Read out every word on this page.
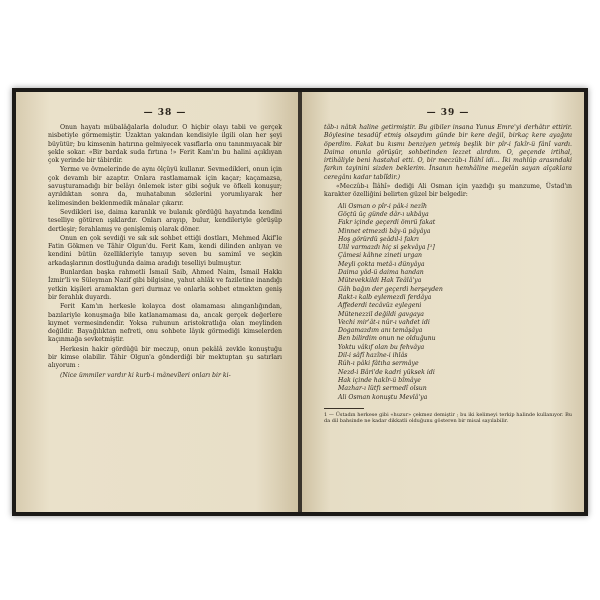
— 38 —

Onun hayatı mübalâğalarla doludur. O hiçbir olayı tabii ve gerçek nisbetiyle görmemiştir. Uzaktan yakından kendisiyle ilgili olan her şeyi büyütür; bu kimsenin hatırına gelmiyecek vasıflarla onu tanınmıyacak bir şekle sokar. «Bir bardak suda fırtına !» Ferit Kam'ın bu halini açıklıyan çok yerinde bir tâbirdir.

Yerme ve övmelerinde de aynı ölçüyü kullanır. Sevmedikleri, onun için çok devamlı bir azaptır. Onlara rastlamamak için kaçar; kaçamazsa, savuşturamadığı bir belâyı önlemek ister gibi soğuk ve öfkeli konuşur; ayrıldıktan sonra da, muhatabının sözlerini yorumlıyarak her kelimesinden beklenmedik mânalar çıkarır.

Sevdikleri ise, daima karanlık ve bulanık gördüğü hayatında kendini teselliye götüren ışıklardır. Onları arayıp, bulur, kendileriyle görüşüp dertleşir; ferahlamış ve genişlemiş olarak döner.

Onun en çok sevdiği ve sık sık sohbet ettiği dostları, Mehmed Âkif'le Fatin Gökmen ve Tâhir Olgun'du. Ferit Kam, kendi dilinden anlıyan ve kendini bütün özellikleriyle tanıyıp seven bu samimî ve seçkin arkadaşlarının dostluğunda daima aradığı teselliyi bulmuştur.

Bunlardan başka rahmetli İsmail Saib, Ahmed Naim, İsmail Hakkı İzmir'li ve Süleyman Nazif gibi bilgisine, yahut ahlâk ve faziletine inandığı yetkin kişileri aramaktan geri durmaz ve onlarla sohbet etmekten geniş bir ferahlık duyardı.

Ferit Kam'ın herkesle kolayca dost olamaması alınganlığından, bazılariyle konuşmağa bile katlanamaması da, ancak gerçek değerlere kıymet vermesindendir. Yoksa ruhunun aristokratlığa olan meylinden değildir. Bayağılıktan nefreti, onu sohbete lâyık görmediği kimselerden kaçınmağa sevketmiştir.

Herkesin hakir gördüğü bir meczup, onun pekâlâ zevkle konuştuğu bir kimse olabilir. Tâhir Olgun'a gönderdiği bir mektuptan şu satırları alıyorum :

(Nice ümmiler vardır ki kurb-i mânevîleri onları bir ki-

— 39 —

tâb-ı nâtık haline getirmiştir. Bu gibiler insana Yunus Emre'yi derhâtır ettirir. Böylesine tesadüf etmiş olsaydım günde bir kere değil, birkaç kere ayağını öperdim. Fakat bu kısmı benziyen yetmiş beşlik bir pîr-i fakîr-ü fânî vardı. Daima onunla görüşür, sohbetinden lezzet alırdım. O, geçende irtihal, irtihâliyle beni hastahal etti. O, bir meczûb-ı İlâhî idi... İki mahlûp arasındaki farkın tayinini sizden beklerim. İnsanın hemhâline megelân sayan alçaklara ceregânı kadar tabîîdir.)

«Meczûb-ı İlâhî» dediği Ali Osman için yazdığı şu manzume, Üstad'ın karakter özelliğini belirten güzel bir belgedir:

Ali Osman o pîr-i pâk-i nezîh
Göçtü üç günde dâr-ı ukbâya
Fakr içinde geçerdi ömrü fakat
Minnet etmezdi bây-ü pâyâya
Hoş görürdü şeâdıl-i fakrı
Ulil varmazdı hiç si şekvâya [¹]
Çâmesi kâhne zineti urgan
Meyli çokta metâ-ı dünyâya
Daima yâd-ü daima handan
Mütevekkildi Hak Teâlâ'ya
Gâh bağın der geçerdi herşeyden
Rakt-ı kalb eylemezdi ferdâya
Affederdi tecâvüz eylegeni
Mütenezzil değildi gavgaya
Vechi mir'ât-ı nûr-ı vahdet idi
Dogamazdım anı temâşâya
Ben bilirdim onun ne olduğunu
Yoktu vâkıf olan bu fehvâya
Dil-i sâfî hazîne-i ihlâs
Rûh-ı pâki fâtıha sermâye
Nezd-i Bâri'de kadri yüksek idi
Hak içinde hakîr-ü bîmâye
Mazhar-ı lütfı sermedî olsun
Ali Osman konuştu Mevlâ'ya

1 — Üstadın herkese gibi «huzur» çekmez demiştir ; bu iki kelimeyi terkip halinde kullanıyor. Bu da dil bahsinde ne kadar dikkatli olduğunu gösteren bir misal sayılabilir.
